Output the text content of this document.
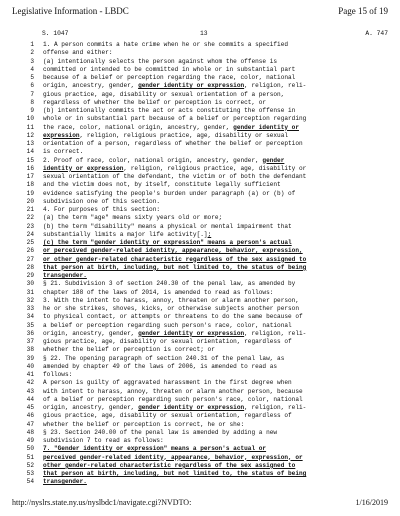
Legislative Information - LBDC	Page 15 of 19
S. 1047	13	A. 747
1 1. A person commits a hate crime when he or she commits a specified
2 offense and either:
3 (a) intentionally selects the person against whom the offense is
4 committed or intended to be committed in whole or in substantial part
5 because of a belief or perception regarding the race, color, national
6 origin, ancestry, gender, gender identity or expression, religion, reli-
7 gious practice, age, disability or sexual orientation of a person,
8 regardless of whether the belief or perception is correct, or
9 (b) intentionally commits the act or acts constituting the offense in
10 whole or in substantial part because of a belief or perception regarding
11 the race, color, national origin, ancestry, gender, gender identity or
12 expression, religion, religious practice, age, disability or sexual
13 orientation of a person, regardless of whether the belief or perception
14 is correct.
15 2. Proof of race, color, national origin, ancestry, gender, gender
16 identity or expression, religion, religious practice, age, disability or
17 sexual orientation of the defendant, the victim or of both the defendant
18 and the victim does not, by itself, constitute legally sufficient
19 evidence satisfying the people's burden under paragraph (a) or (b) of
20 subdivision one of this section.
21 4. For purposes of this section:
22 (a) the term "age" means sixty years old or more;
23 (b) the term "disability" means a physical or mental impairment that
24 substantially limits a major life activity[.];
25 (c) the term "gender identity or expression" means a person's actual
26 or perceived gender-related identity, appearance, behavior, expression,
27 or other gender-related characteristic regardless of the sex assigned to
28 that person at birth, including, but not limited to, the status of being
29 transgender.
30 § 21. Subdivision 3 of section 240.30 of the penal law, as amended by
31 chapter 188 of the laws of 2014, is amended to read as follows:
32 3. With the intent to harass, annoy, threaten or alarm another person,
33 he or she strikes, shoves, kicks, or otherwise subjects another person
34 to physical contact, or attempts or threatens to do the same because of
35 a belief or perception regarding such person's race, color, national
36 origin, ancestry, gender, gender identity or expression, religion, reli-
37 gious practice, age, disability or sexual orientation, regardless of
38 whether the belief or perception is correct; or
39 § 22. The opening paragraph of section 240.31 of the penal law, as
40 amended by chapter 49 of the laws of 2006, is amended to read as
41 follows:
42 A person is guilty of aggravated harassment in the first degree when
43 with intent to harass, annoy, threaten or alarm another person, because
44 of a belief or perception regarding such person's race, color, national
45 origin, ancestry, gender, gender identity or expression, religion, reli-
46 gious practice, age, disability or sexual orientation, regardless of
47 whether the belief or perception is correct, he or she:
48 § 23. Section 240.00 of the penal law is amended by adding a new
49 subdivision 7 to read as follows:
50 7. "Gender identity or expression" means a person's actual or
51 perceived gender-related identity, appearance, behavior, expression, or
52 other gender-related characteristic regardless of the sex assigned to
53 that person at birth, including, but not limited to, the status of being
54 transgender.
http://nyslrs.state.ny.us/nyslbdc1/navigate.cgi?NVDTO:	1/16/2019
